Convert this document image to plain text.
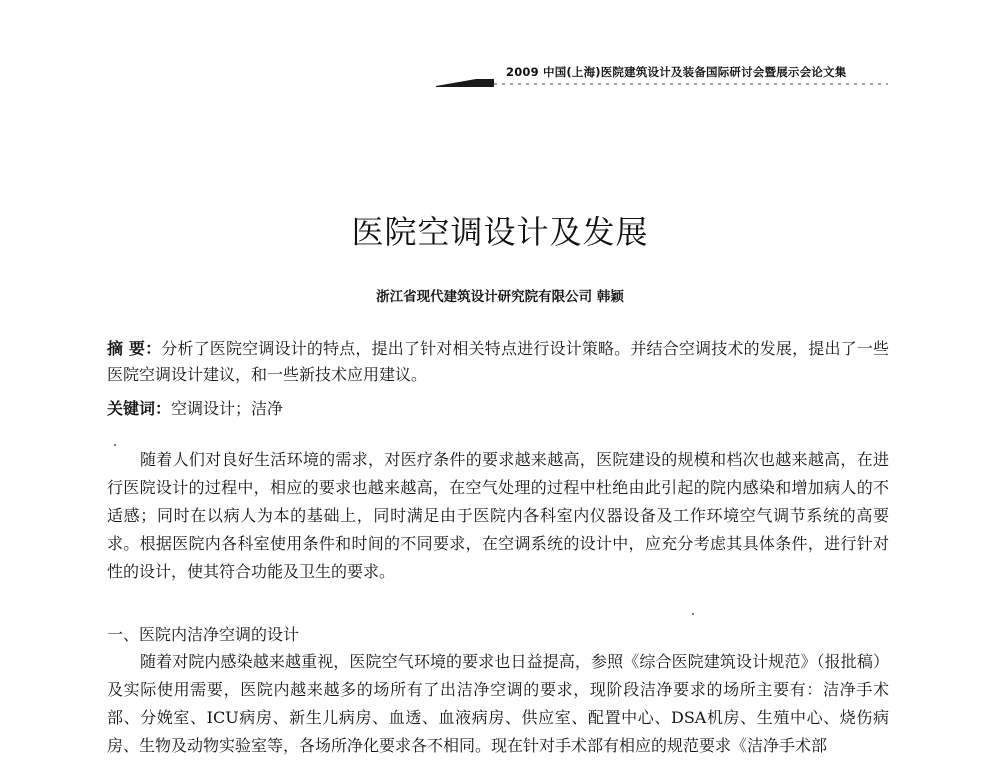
2009 中国(上海)医院建筑设计及装备国际研讨会暨展示会论文集
医院空调设计及发展
浙江省现代建筑设计研究院有限公司 韩颖
摘 要：分析了医院空调设计的特点，提出了针对相关特点进行设计策略。并结合空调技术的发展，提出了一些医院空调设计建议，和一些新技术应用建议。
关键词：空调设计；洁净
随着人们对良好生活环境的需求，对医疗条件的要求越来越高，医院建设的规模和档次也越来越高，在进行医院设计的过程中，相应的要求也越来越高，在空气处理的过程中杜绝由此引起的院内感染和增加病人的不适感；同时在以病人为本的基础上，同时满足由于医院内各科室内仪器设备及工作环境空气调节系统的高要求。根据医院内各科室使用条件和时间的不同要求，在空调系统的设计中，应充分考虑其具体条件，进行针对性的设计，使其符合功能及卫生的要求。
一、医院内洁净空调的设计
随着对院内感染越来越重视，医院空气环境的要求也日益提高，参照《综合医院建筑设计规范》（报批稿）及实际使用需要，医院内越来越多的场所有了出洁净空调的要求，现阶段洁净要求的场所主要有：洁净手术部、分娩室、ICU病房、新生儿病房、血透、血液病房、供应室、配置中心、DSA机房、生殖中心、烧伤病房、生物及动物实验室等，各场所净化要求各不相同。现在针对手术部有相应的规范要求《洁净手术部
